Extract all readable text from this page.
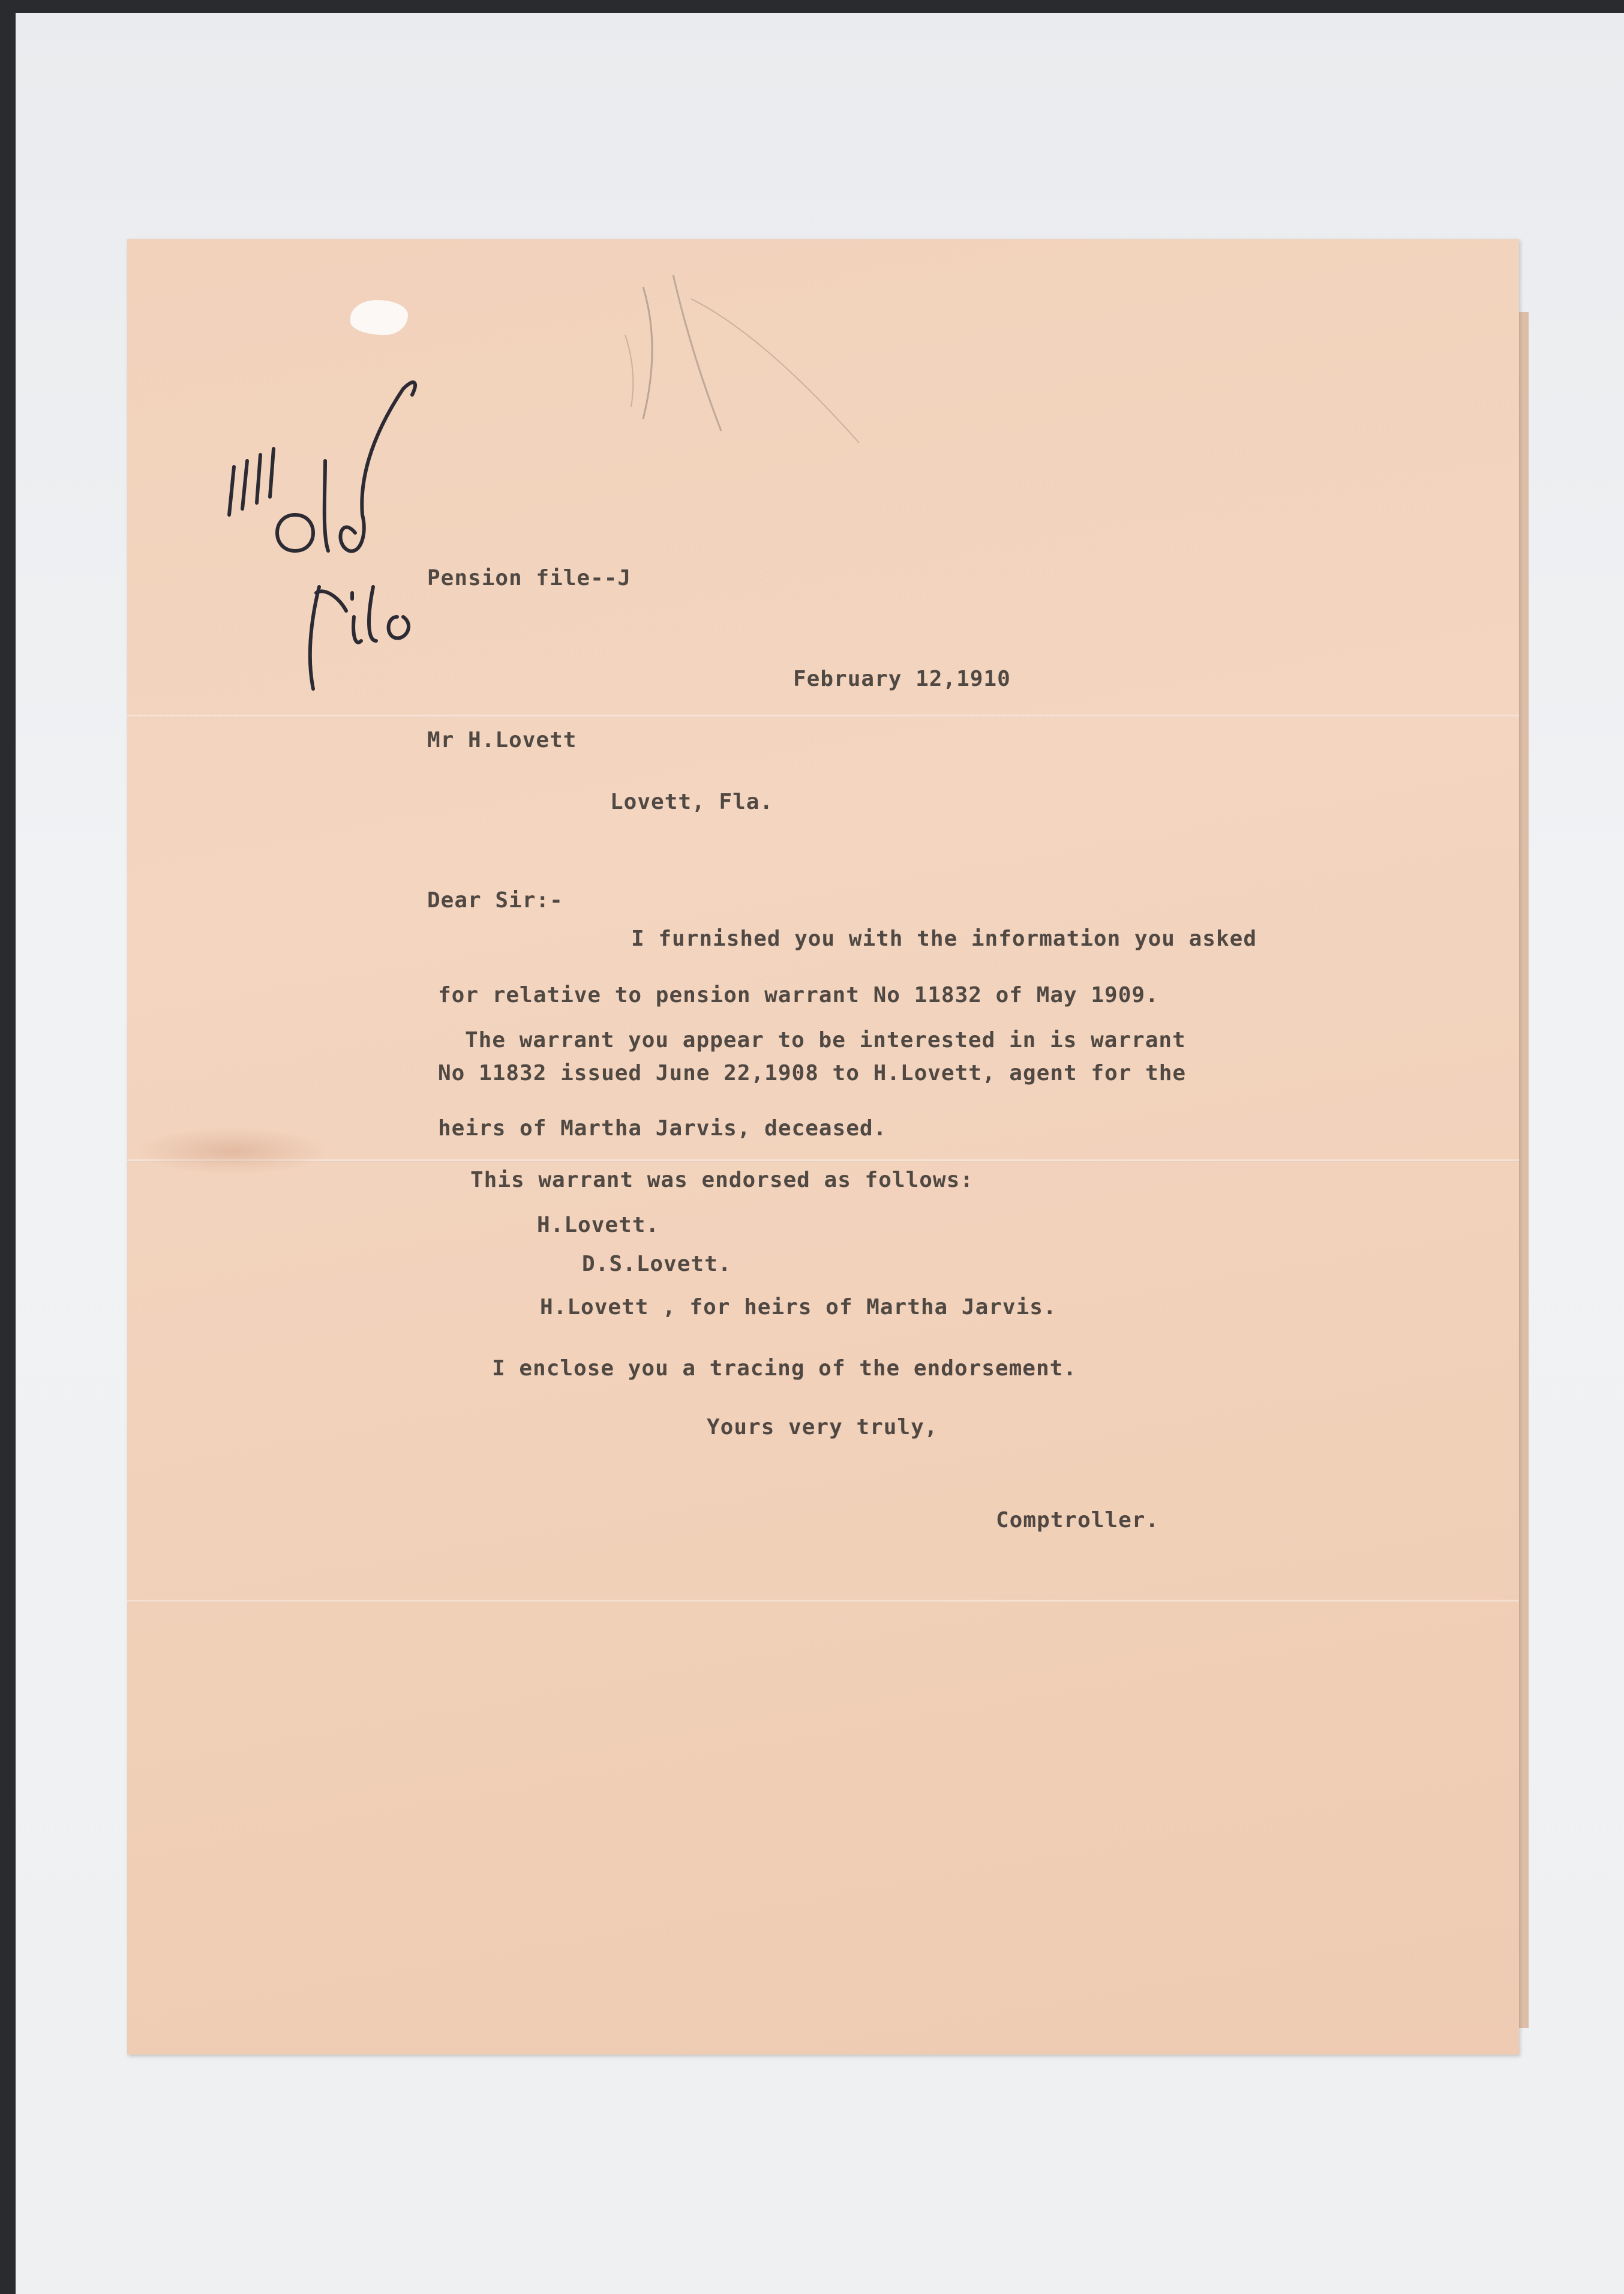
Pension file--J

February 12,1910

Mr H.Lovett

Lovett, Fla.

Dear Sir:-

I furnished you with the information you asked

for relative to pension warrant No 11832 of May 1909.

The warrant you appear to be interested in is warrant

No 11832 issued June 22,1908 to H.Lovett, agent for the

heirs of Martha Jarvis, deceased.

This warrant was endorsed as follows:

H.Lovett.

D.S.Lovett.

H.Lovett , for heirs of Martha Jarvis.

I enclose you a tracing of the endorsement.

Yours very truly,

Comptroller.
